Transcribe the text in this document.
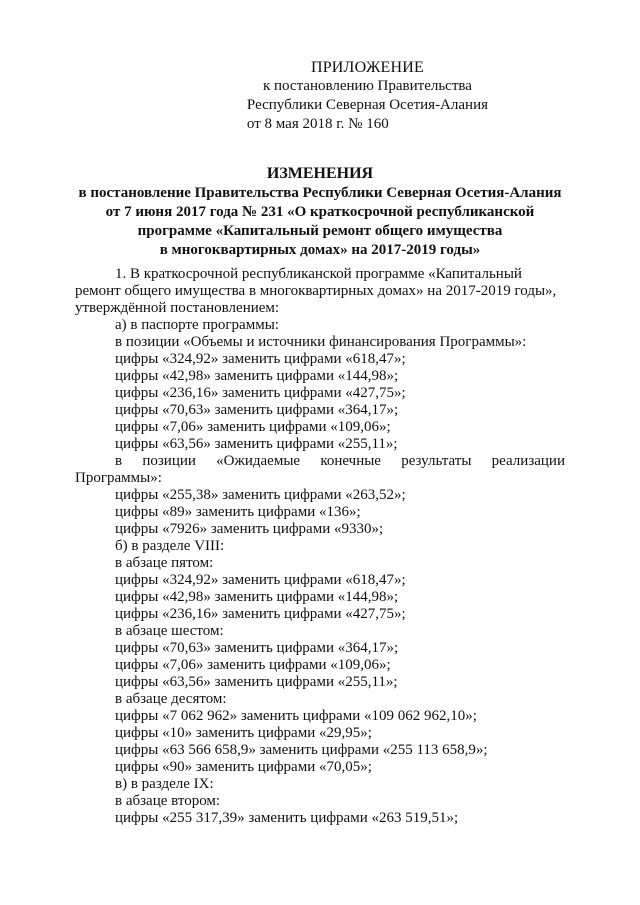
ПРИЛОЖЕНИЕ
к постановлению Правительства
Республики Северная Осетия-Алания
от 8 мая 2018 г. № 160
ИЗМЕНЕНИЯ
в постановление Правительства Республики Северная Осетия-Алания
от 7 июня 2017 года № 231 «О краткосрочной республиканской
программе «Капитальный ремонт общего имущества
в многоквартирных домах» на 2017-2019 годы»
1. В краткосрочной республиканской программе «Капитальный
ремонт общего имущества в многоквартирных домах» на 2017-2019 годы»,
утверждённой постановлением:
а) в паспорте программы:
в позиции «Объемы и источники финансирования Программы»:
цифры «324,92» заменить цифрами «618,47»;
цифры «42,98» заменить цифрами «144,98»;
цифры «236,16» заменить цифрами «427,75»;
цифры «70,63» заменить цифрами «364,17»;
цифры «7,06» заменить цифрами «109,06»;
цифры «63,56» заменить цифрами «255,11»;
в позиции «Ожидаемые конечные результаты реализации
Программы»:
цифры «255,38» заменить цифрами «263,52»;
цифры «89» заменить цифрами «136»;
цифры «7926» заменить цифрами «9330»;
б) в разделе VIII:
в абзаце пятом:
цифры «324,92» заменить цифрами «618,47»;
цифры «42,98» заменить цифрами «144,98»;
цифры «236,16» заменить цифрами «427,75»;
в абзаце шестом:
цифры «70,63» заменить цифрами «364,17»;
цифры «7,06» заменить цифрами «109,06»;
цифры «63,56» заменить цифрами «255,11»;
в абзаце десятом:
цифры «7 062 962» заменить цифрами «109 062 962,10»;
цифры «10» заменить цифрами «29,95»;
цифры «63 566 658,9» заменить цифрами «255 113 658,9»;
цифры «90» заменить цифрами «70,05»;
в) в разделе IX:
в абзаце втором:
цифры «255 317,39» заменить цифрами «263 519,51»;
